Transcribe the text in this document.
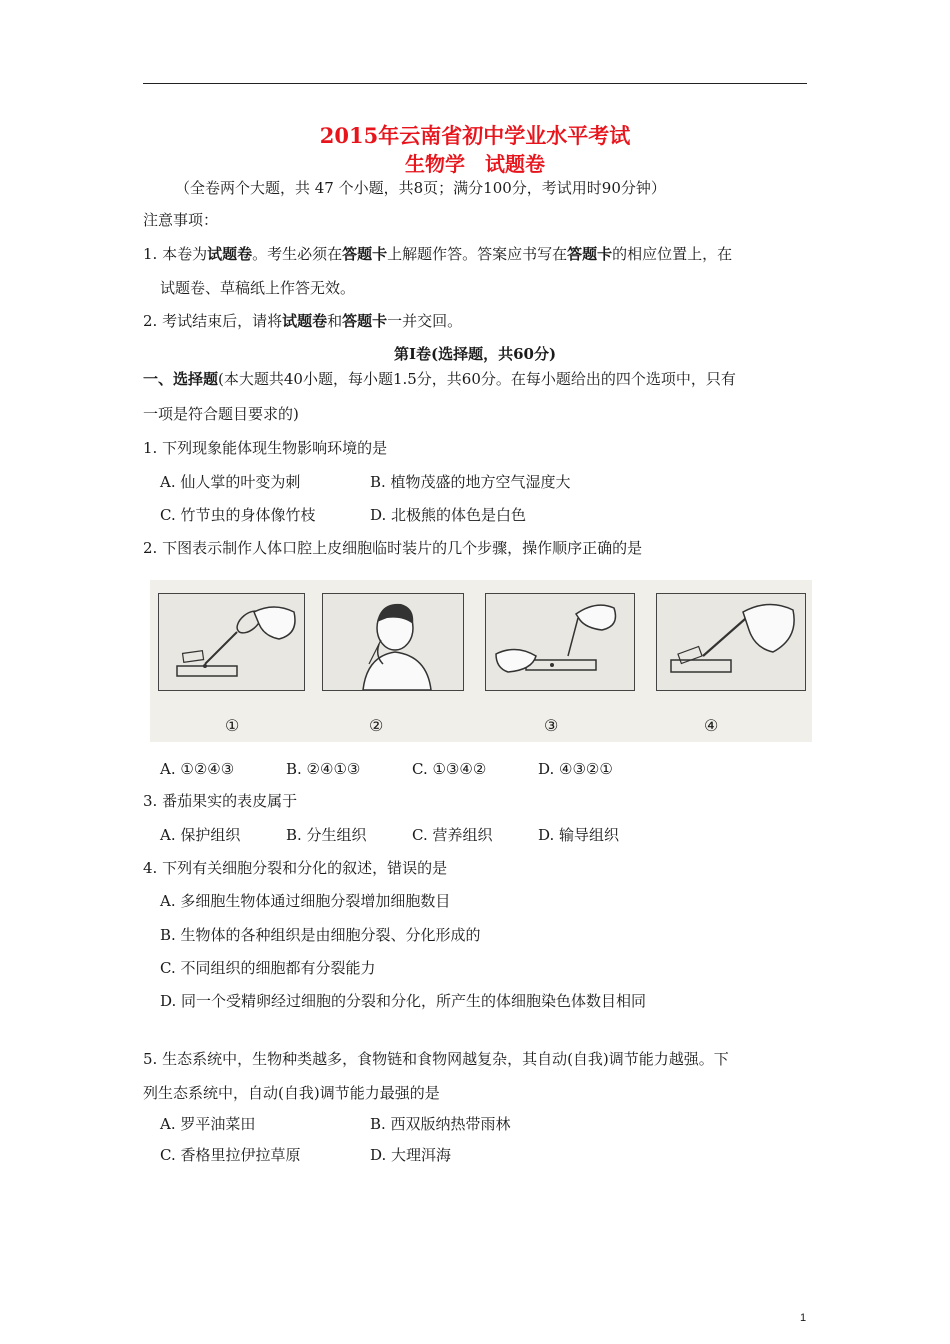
2015年云南省初中学业水平考试
生物学　试题卷
（全卷两个大题，共 47 个小题，共8页；满分100分，考试用时90分钟）
注意事项：
1. 本卷为试题卷。考生必须在答题卡上解题作答。答案应书写在答题卡的相应位置上，在
试题卷、草稿纸上作答无效。
2. 考试结束后，请将试题卷和答题卡一并交回。
第Ⅰ卷(选择题，共60分)
一、选择题(本大题共40小题，每小题1.5分，共60分。在每小题给出的四个选项中，只有
一项是符合题目要求的)
1. 下列现象能体现生物影响环境的是
A. 仙人掌的叶变为刺	B. 植物茂盛的地方空气湿度大
C. 竹节虫的身体像竹枝	D. 北极熊的体色是白色
2. 下图表示制作人体口腔上皮细胞临时装片的几个步骤，操作顺序正确的是
①	②	③	④
A. ①②④③	B. ②④①③	C. ①③④②	D. ④③②①
3. 番茄果实的表皮属于
A. 保护组织	B. 分生组织	C. 营养组织	D. 输导组织
4. 下列有关细胞分裂和分化的叙述，错误的是
A. 多细胞生物体通过细胞分裂增加细胞数目
B. 生物体的各种组织是由细胞分裂、分化形成的
C. 不同组织的细胞都有分裂能力
D. 同一个受精卵经过细胞的分裂和分化，所产生的体细胞染色体数目相同
5. 生态系统中，生物种类越多，食物链和食物网越复杂，其自动(自我)调节能力越强。下
列生态系统中，自动(自我)调节能力最强的是
A. 罗平油菜田	B. 西双版纳热带雨林
C. 香格里拉伊拉草原	D. 大理洱海
1
